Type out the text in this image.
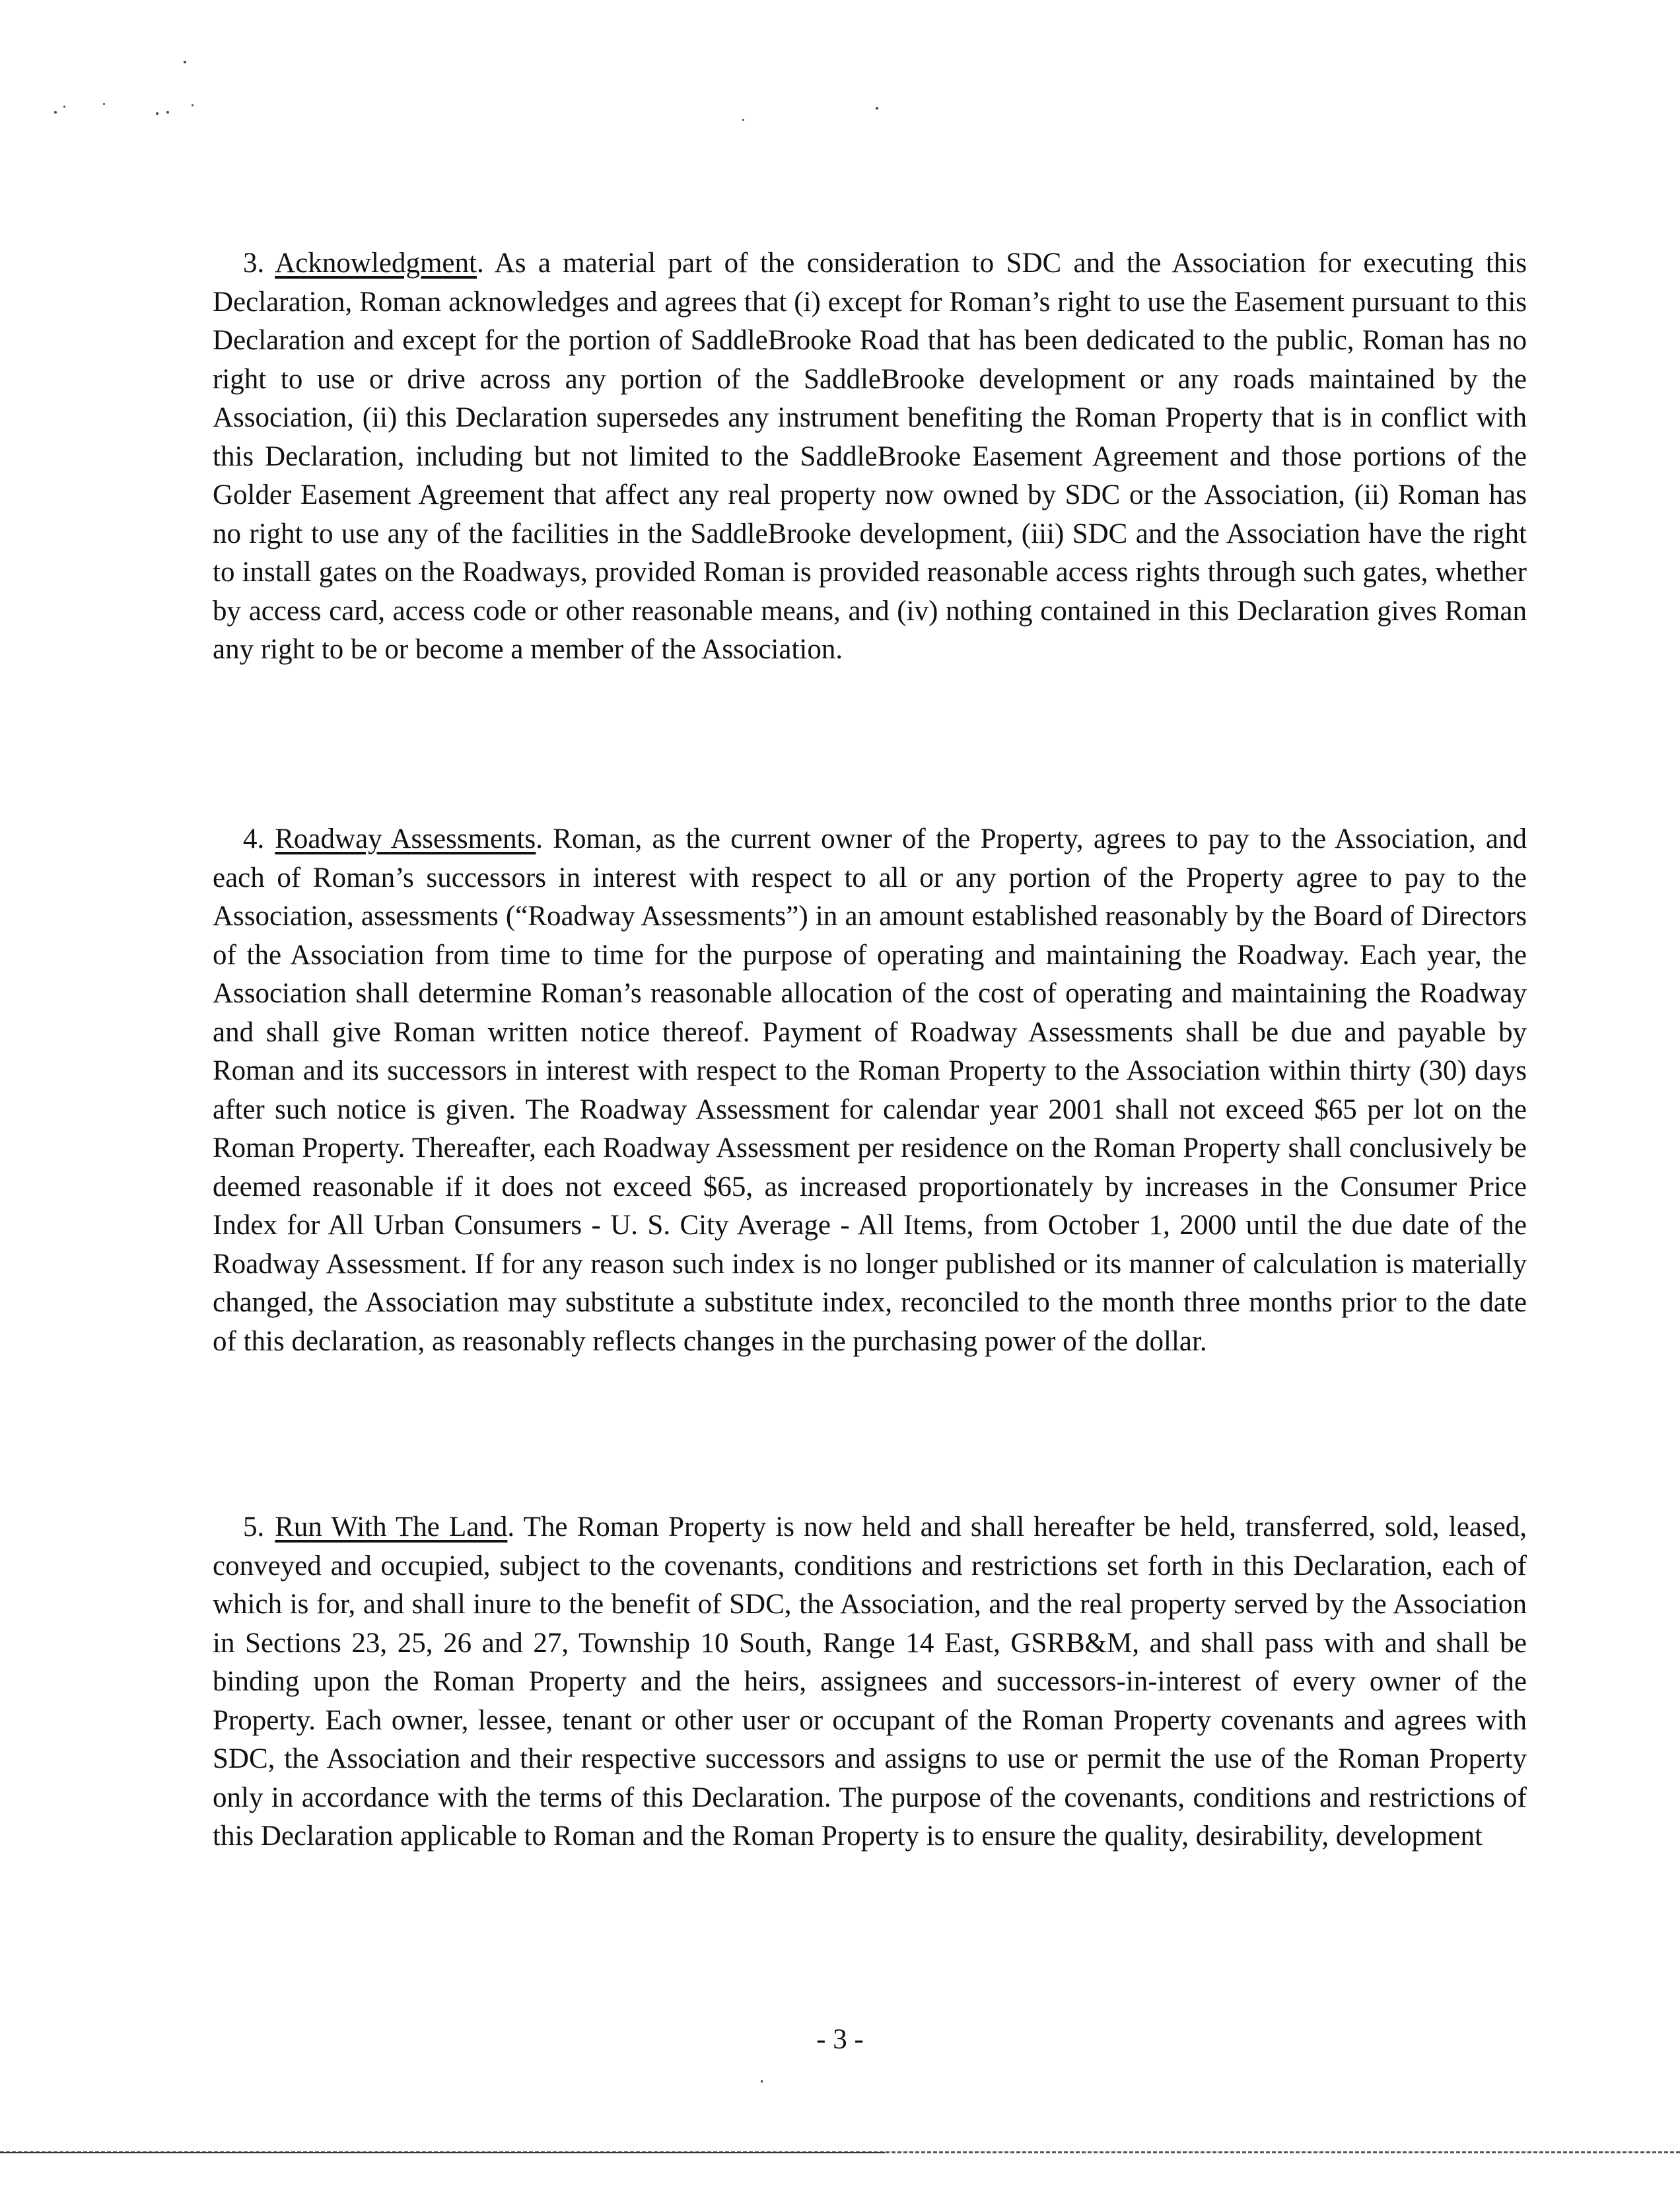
3. Acknowledgment. As a material part of the consideration to SDC and the Association for executing this Declaration, Roman acknowledges and agrees that (i) except for Roman’s right to use the Easement pursuant to this Declaration and except for the portion of SaddleBrooke Road that has been dedicated to the public, Roman has no right to use or drive across any portion of the SaddleBrooke development or any roads maintained by the Association, (ii) this Declaration supersedes any instrument benefiting the Roman Property that is in conflict with this Declaration, including but not limited to the SaddleBrooke Easement Agreement and those portions of the Golder Easement Agreement that affect any real property now owned by SDC or the Association, (ii) Roman has no right to use any of the facilities in the SaddleBrooke development, (iii) SDC and the Association have the right to install gates on the Roadways, provided Roman is provided reasonable access rights through such gates, whether by access card, access code or other reasonable means, and (iv) nothing contained in this Declaration gives Roman any right to be or become a member of the Association.

4. Roadway Assessments. Roman, as the current owner of the Property, agrees to pay to the Association, and each of Roman’s successors in interest with respect to all or any portion of the Property agree to pay to the Association, assessments (“Roadway Assessments”) in an amount established reasonably by the Board of Directors of the Association from time to time for the purpose of operating and maintaining the Roadway. Each year, the Association shall determine Roman’s reasonable allocation of the cost of operating and maintaining the Roadway and shall give Roman written notice thereof. Payment of Roadway Assessments shall be due and payable by Roman and its successors in interest with respect to the Roman Property to the Association within thirty (30) days after such notice is given. The Roadway Assessment for calendar year 2001 shall not exceed $65 per lot on the Roman Property. Thereafter, each Roadway Assessment per residence on the Roman Property shall conclusively be deemed reasonable if it does not exceed $65, as increased proportionately by increases in the Consumer Price Index for All Urban Consumers - U. S. City Average - All Items, from October 1, 2000 until the due date of the Roadway Assessment. If for any reason such index is no longer published or its manner of calculation is materially changed, the Association may substitute a substitute index, reconciled to the month three months prior to the date of this declaration, as reasonably reflects changes in the purchasing power of the dollar.

5. Run With The Land. The Roman Property is now held and shall hereafter be held, transferred, sold, leased, conveyed and occupied, subject to the covenants, conditions and restrictions set forth in this Declaration, each of which is for, and shall inure to the benefit of SDC, the Association, and the real property served by the Association in Sections 23, 25, 26 and 27, Township 10 South, Range 14 East, GSRB&M, and shall pass with and shall be binding upon the Roman Property and the heirs, assignees and successors-in-interest of every owner of the Property. Each owner, lessee, tenant or other user or occupant of the Roman Property covenants and agrees with SDC, the Association and their respective successors and assigns to use or permit the use of the Roman Property only in accordance with the terms of this Declaration. The purpose of the covenants, conditions and restrictions of this Declaration applicable to Roman and the Roman Property is to ensure the quality, desirability, development

- 3 -
